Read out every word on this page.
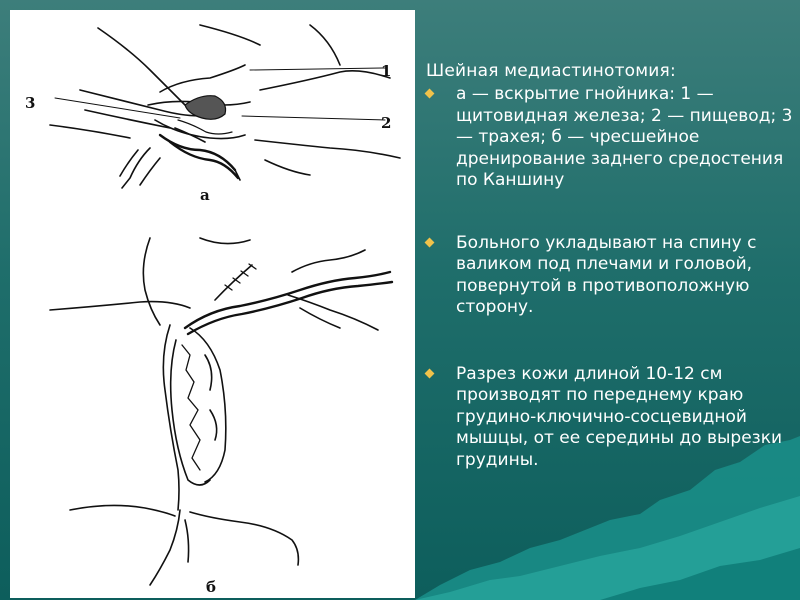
1
2
3
а
б

Шейная медиастинотомия:

а — вскрытие гнойника: 1 — щитовидная железа; 2 — пищевод; 3 — трахея; б — чресшейное дренирование заднего средостения по Каншину
Больного укладывают на спину с валиком под плечами и головой, повернутой в противоположную сторону.
Разрез кожи длиной 10-12 см производят по переднему краю грудино-ключично-сосцевидной мышцы, от ее середины до вырезки грудины.
